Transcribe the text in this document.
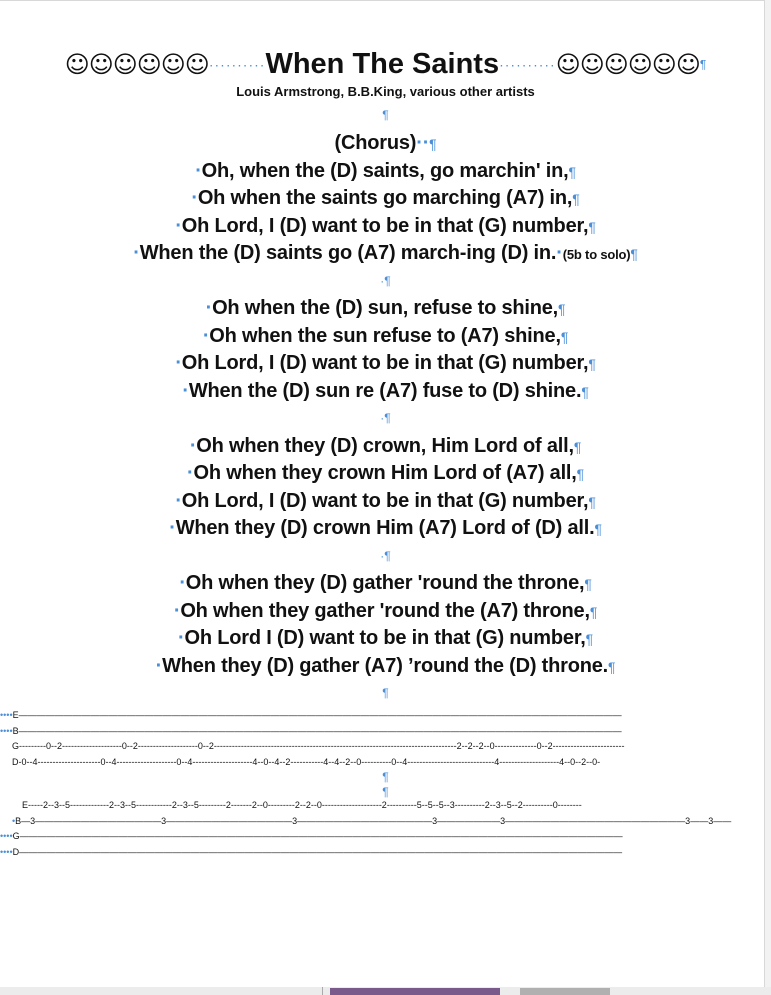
☺☺☺☺☺☺··········When The Saints··········☺☺☺☺☺☺¶
Louis Armstrong, B.B.King, various other artists
¶
(Chorus)··¶
·Oh, when the (D) saints, go marchin' in,¶
·Oh when the saints go marching (A7) in,¶
·Oh Lord, I (D) want to be in that (G) number,¶
·When the (D) saints go (A7) march-ing (D) in.·(5b to solo)¶
·¶
·Oh when the (D) sun, refuse to shine,¶
·Oh when the sun refuse to (A7) shine,¶
·Oh Lord, I (D) want to be in that (G) number,¶
·When the (D) sun re (A7) fuse to (D) shine.¶
·¶
·Oh when they (D) crown, Him Lord of all,¶
·Oh when they crown Him Lord of (A7) all,¶
·Oh Lord, I (D) want to be in that (G) number,¶
·When they (D) crown Him (A7) Lord of (D) all.¶
·¶
·Oh when they (D) gather 'round the throne,¶
·Oh when they gather 'round the (A7) throne,¶
·Oh Lord I (D) want to be in that (G) number,¶
·When they (D) gather (A7) ’round the (D) throne.¶
¶
••••E———————————————————————————————————————————————————————————————————
••••B———————————————————————————————————————————————————————————————————
G---------0--2--------------------0--2--------------------0--2---------------------------------------------------------------------------------2--2--2--0--------------0--2------------------------
D-0--4---------------------0--4--------------------0--4--------------------4--0--4--2-----------4--4--2--0----------0--4-----------------------------4--------------------4--0--2--0-
¶
¶
E-----2--3--5-------------2--3--5------------2--3--5---------2-------2--0---------2--2--0--------------------2----------5--5--5--3----------2--3--5--2----------0--------
•B—3——————————————3——————————————3———————————————3———————3————————————————————3——3——
••••G———————————————————————————————————————————————————————————————————
••••D———————————————————————————————————————————————————————————————————
